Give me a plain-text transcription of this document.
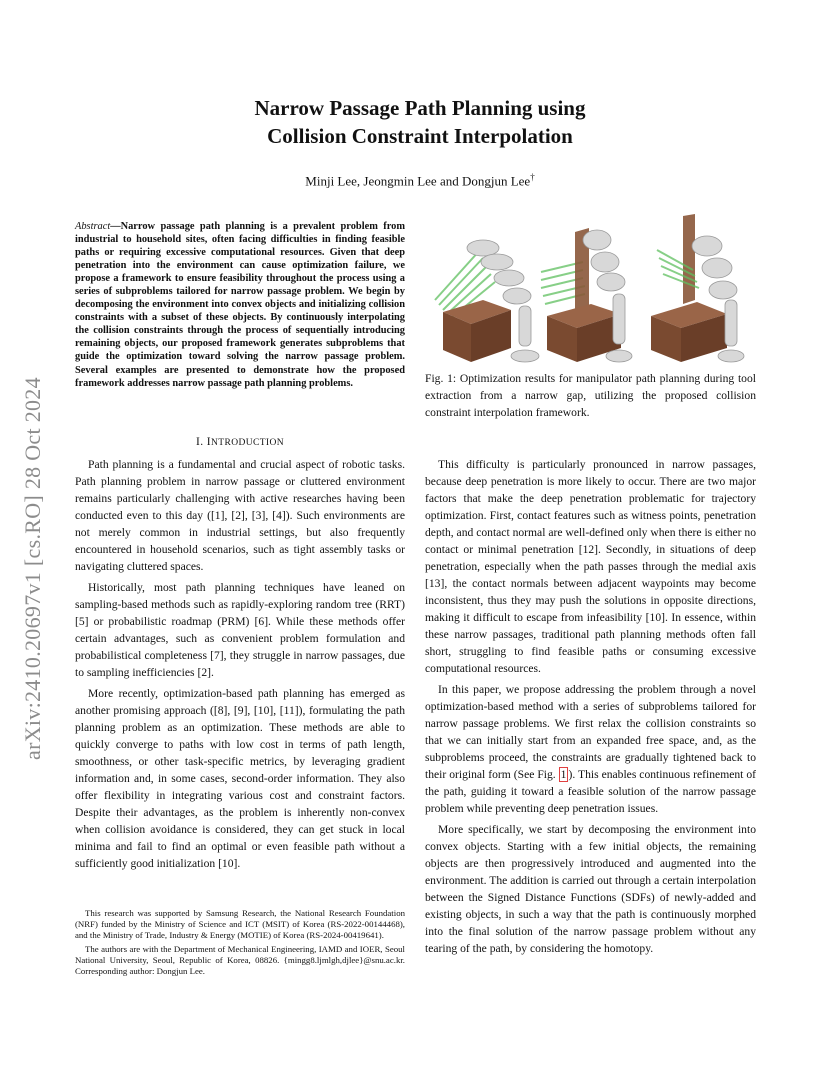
arXiv:2410.20697v1 [cs.RO] 28 Oct 2024
Narrow Passage Path Planning using
Collision Constraint Interpolation
Minji Lee, Jeongmin Lee and Dongjun Lee†
Abstract—Narrow passage path planning is a prevalent problem from industrial to household sites, often facing difficulties in finding feasible paths or requiring excessive computational resources. Given that deep penetration into the environment can cause optimization failure, we propose a framework to ensure feasibility throughout the process using a series of subproblems tailored for narrow passage problem. We begin by decomposing the environment into convex objects and initializing collision constraints with a subset of these objects. By continuously interpolating the collision constraints through the process of sequentially introducing remaining objects, our proposed framework generates subproblems that guide the optimization toward solving the narrow passage problem. Several examples are presented to demonstrate how the proposed framework addresses narrow passage path planning problems.
I. INTRODUCTION

Path planning is a fundamental and crucial aspect of robotic tasks. Path planning problem in narrow passage or cluttered environment remains particularly challenging with active researches having been conducted even to this day ([1], [2], [3], [4]). Such environments are not merely common in industrial settings, but also frequently encountered in household scenarios, such as tight assembly tasks or navigating cluttered spaces.

Historically, most path planning techniques have leaned on sampling-based methods such as rapidly-exploring random tree (RRT) [5] or probabilistic roadmap (PRM) [6]. While these methods offer certain advantages, such as convenient problem formulation and probabilistical completeness [7], they struggle in narrow passages, due to sampling inefficiencies [2].

More recently, optimization-based path planning has emerged as another promising approach ([8], [9], [10], [11]), formulating the path planning problem as an optimization. These methods are able to quickly converge to paths with low cost in terms of path length, smoothness, or other task-specific metrics, by leveraging gradient information and, in some cases, second-order information. They also offer flexibility in integrating various cost and constraint factors. Despite their advantages, as the problem is inherently non-convex when collision avoidance is considered, they can get stuck in local minima and fail to find an optimal or even feasible path without a sufficiently good initialization [10].

This research was supported by Samsung Research, the National Research Foundation (NRF) funded by the Ministry of Science and ICT (MSIT) of Korea (RS-2022-00144468), and the Ministry of Trade, Industry & Energy (MOTIE) of Korea (RS-2024-00419641).

The authors are with the Department of Mechanical Engineering, IAMD and IOER, Seoul National University, Seoul, Republic of Korea, 08826. {mingg8.ljmlgh,djlee}@snu.ac.kr. Corresponding author: Dongjun Lee.

Fig. 1: Optimization results for manipulator path planning during tool extraction from a narrow gap, utilizing the proposed collision constraint interpolation framework.

This difficulty is particularly pronounced in narrow passages, because deep penetration is more likely to occur. There are two major factors that make the deep penetration problematic for trajectory optimization. First, contact features such as witness points, penetration depth, and contact normal are well-defined only when there is either no contact or minimal penetration [12]. Secondly, in situations of deep penetration, especially when the path passes through the medial axis [13], the contact normals between adjacent waypoints may become inconsistent, thus they may push the solutions in opposite directions, making it difficult to escape from infeasibility [10]. In essence, within these narrow passages, traditional path planning methods often fall short, struggling to find feasible paths or consuming excessive computational resources.

In this paper, we propose addressing the problem through a novel optimization-based method with a series of subproblems tailored for narrow passage problems. We first relax the collision constraints so that we can initially start from an expanded free space, and, as the subproblems proceed, the constraints are gradually tightened back to their original form (See Fig. 1 ). This enables continuous refinement of the path, guiding it toward a feasible solution of the narrow passage problem while preventing deep penetration issues.

More specifically, we start by decomposing the environment into convex objects. Starting with a few initial objects, the remaining objects are then progressively introduced and augmented into the environment. The addition is carried out through a certain interpolation between the Signed Distance Functions (SDFs) of newly-added and existing objects, in such a way that the path is continuously morphed into the final solution of the narrow passage problem without any tearing of the path, by considering the homotopy.
